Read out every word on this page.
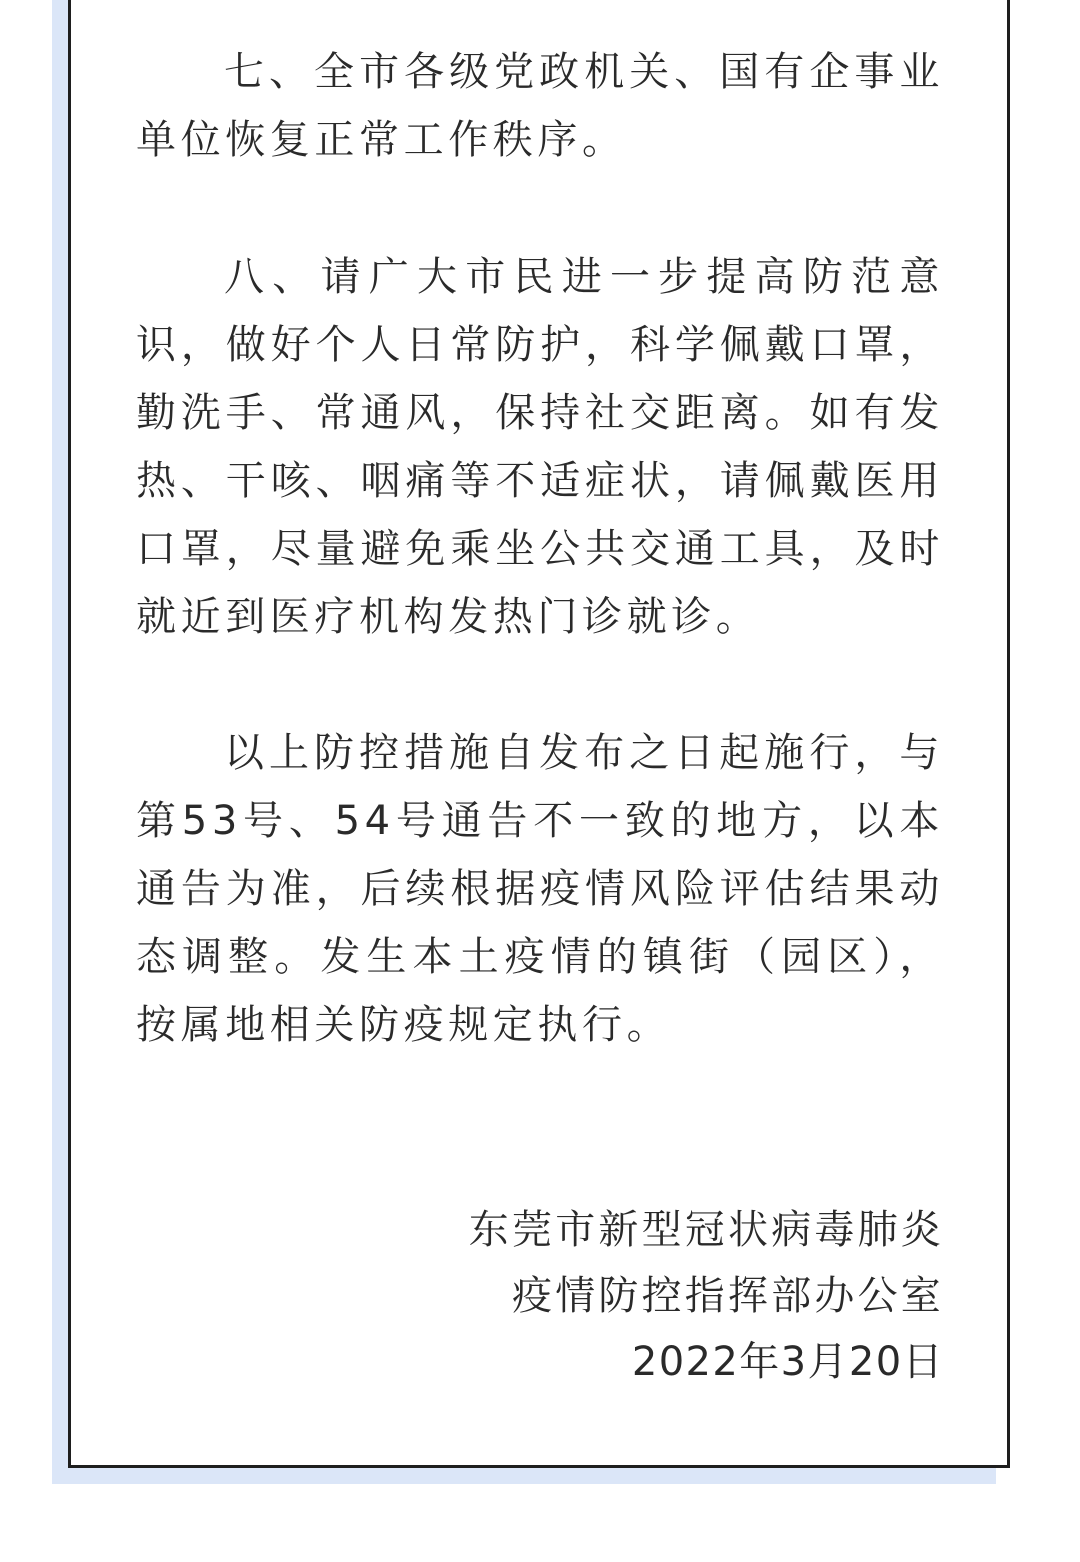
七、全市各级党政机关、国有企事业单位恢复正常工作秩序。

八、请广大市民进一步提高防范意识，做好个人日常防护，科学佩戴口罩，勤洗手、常通风，保持社交距离。如有发热、干咳、咽痛等不适症状，请佩戴医用口罩，尽量避免乘坐公共交通工具，及时就近到医疗机构发热门诊就诊。

以上防控措施自发布之日起施行，与第53号、54号通告不一致的地方，以本通告为准，后续根据疫情风险评估结果动态调整。发生本土疫情的镇街（园区），按属地相关防疫规定执行。

东莞市新型冠状病毒肺炎
疫情防控指挥部办公室
2022年3月20日
